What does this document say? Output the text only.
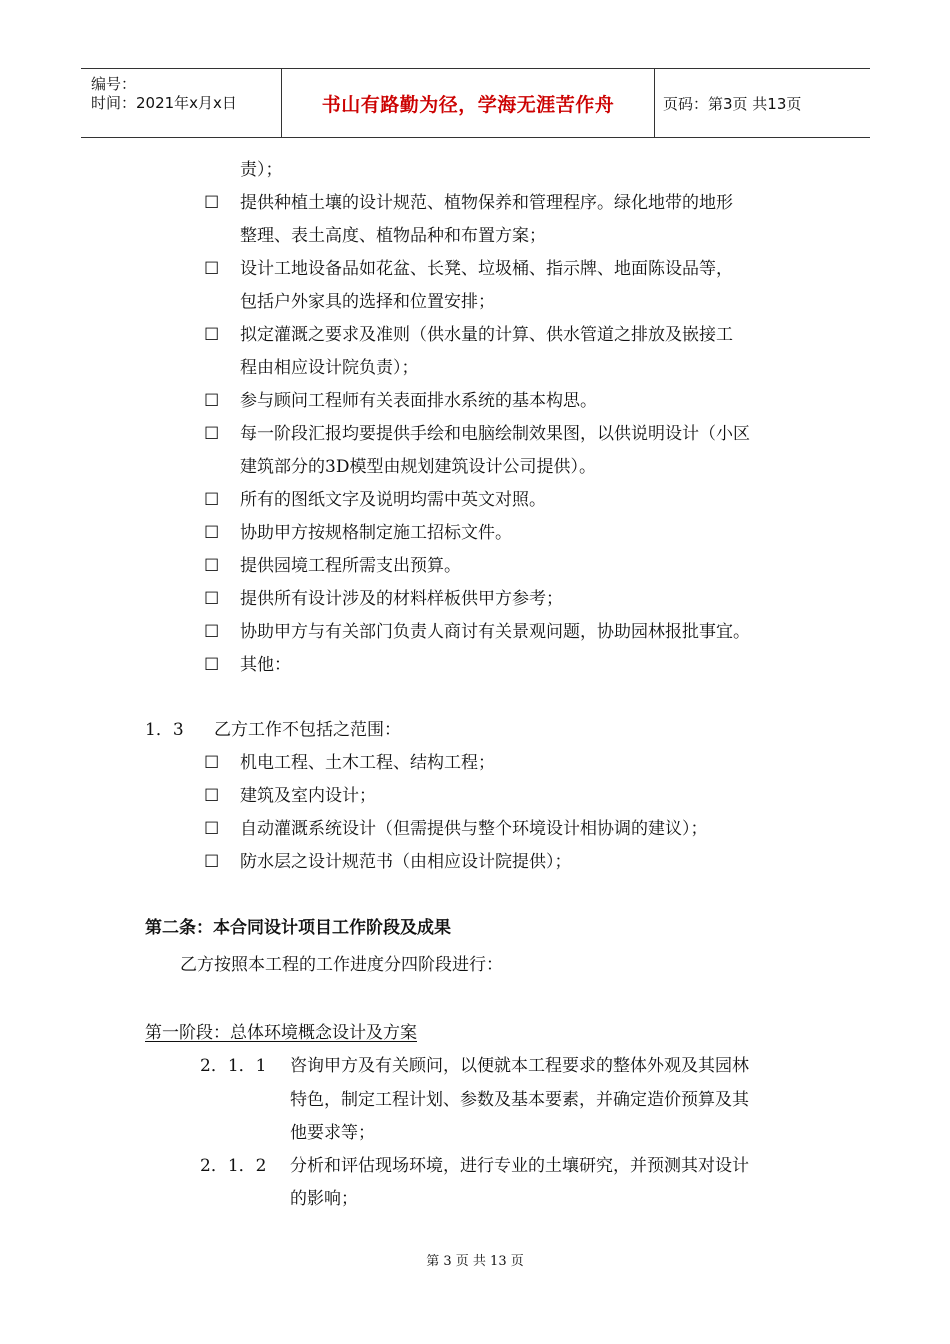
编号：
时间：2021年x月x日	书山有路勤为径，学海无涯苦作舟	页码：第3页 共13页
责）；
☐ 提供种植土壤的设计规范、植物保养和管理程序。绿化地带的地形
整理、表土高度、植物品种和布置方案；
☐ 设计工地设备品如花盆、长凳、垃圾桶、指示牌、地面陈设品等，
包括户外家具的选择和位置安排；
☐ 拟定灌溉之要求及准则（供水量的计算、供水管道之排放及嵌接工
程由相应设计院负责）；
☐ 参与顾问工程师有关表面排水系统的基本构思。
☐ 每一阶段汇报均要提供手绘和电脑绘制效果图，以供说明设计（小区
建筑部分的3D模型由规划建筑设计公司提供）。
☐ 所有的图纸文字及说明均需中英文对照。
☐ 协助甲方按规格制定施工招标文件。
☐ 提供园境工程所需支出预算。
☐ 提供所有设计涉及的材料样板供甲方参考；
☐ 协助甲方与有关部门负责人商讨有关景观问题，协助园林报批事宜。
☐ 其他：
1．3 乙方工作不包括之范围：
☐ 机电工程、土木工程、结构工程；
☐ 建筑及室内设计；
☐ 自动灌溉系统设计（但需提供与整个环境设计相协调的建议）；
☐ 防水层之设计规范书（由相应设计院提供）；
第二条：本合同设计项目工作阶段及成果
乙方按照本工程的工作进度分四阶段进行：
第一阶段：总体环境概念设计及方案
2．1．1 咨询甲方及有关顾问，以便就本工程要求的整体外观及其园林
特色，制定工程计划、参数及基本要素，并确定造价预算及其
他要求等；
2．1．2 分析和评估现场环境，进行专业的土壤研究，并预测其对设计
的影响；
第 3 页 共 13 页
